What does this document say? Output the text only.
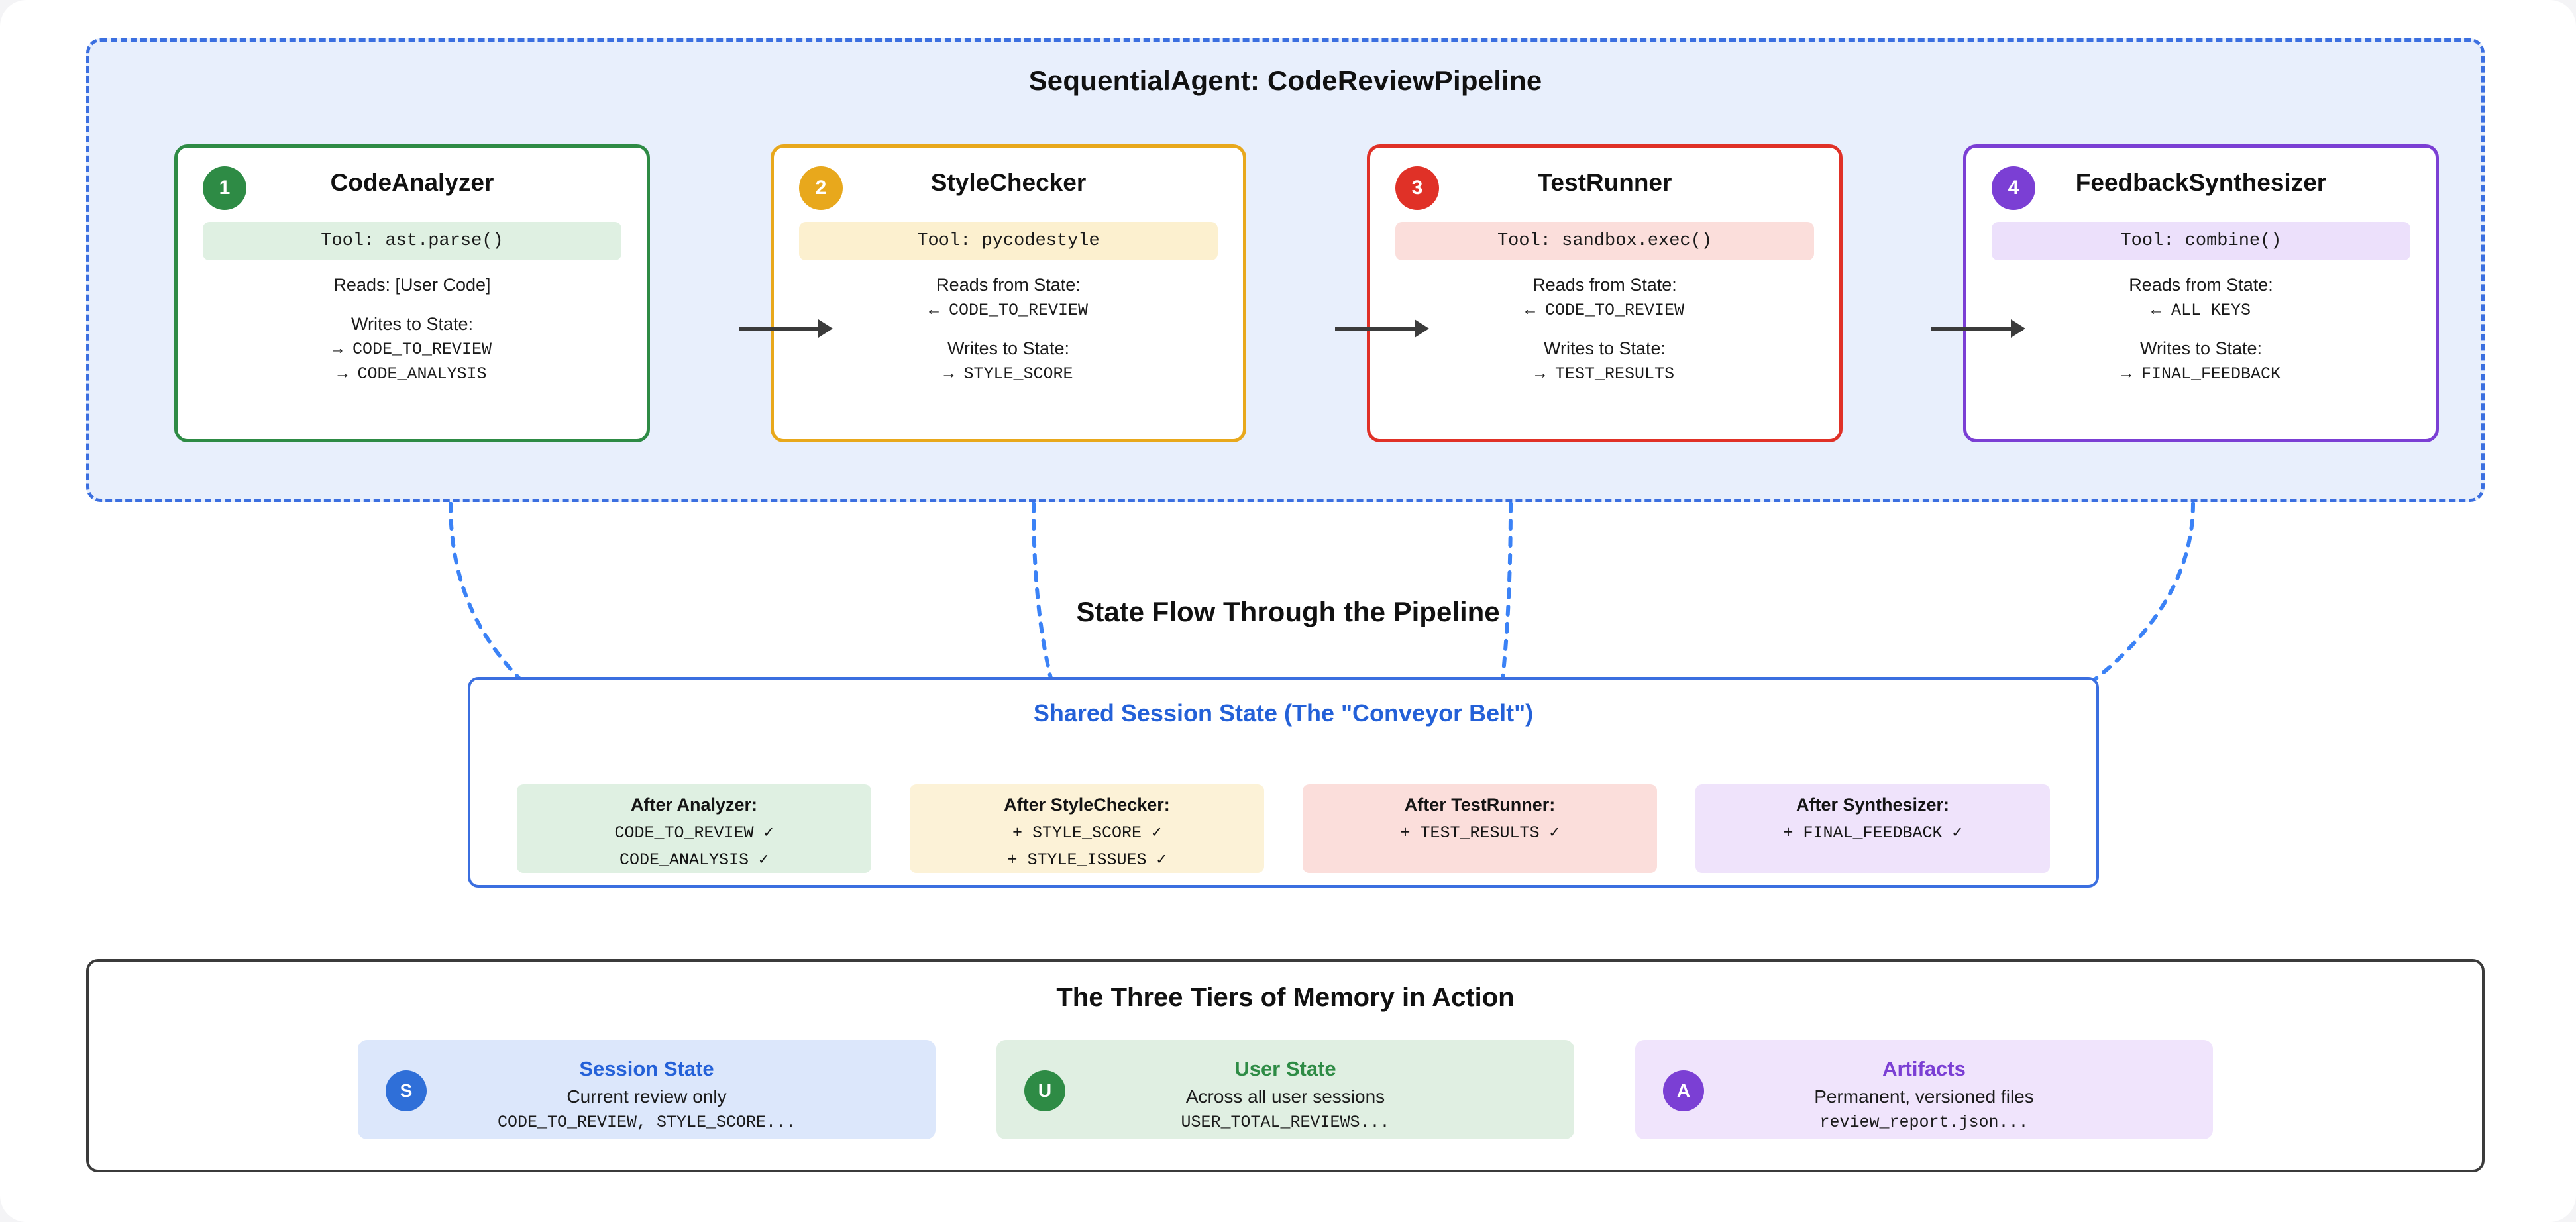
SequentialAgent: CodeReviewPipeline
1	CodeAnalyzer
Tool: ast.parse()
Reads: [User Code]
Writes to State:
→ CODE_TO_REVIEW
→ CODE_ANALYSIS
2	StyleChecker
Tool: pycodestyle
Reads from State:
← CODE_TO_REVIEW
Writes to State:
→ STYLE_SCORE
3	TestRunner
Tool: sandbox.exec()
Reads from State:
← CODE_TO_REVIEW
Writes to State:
→ TEST_RESULTS
4	FeedbackSynthesizer
Tool: combine()
Reads from State:
← ALL KEYS
Writes to State:
→ FINAL_FEEDBACK
State Flow Through the Pipeline
Shared Session State (The "Conveyor Belt")
After Analyzer:
CODE_TO_REVIEW ✓
CODE_ANALYSIS ✓
After StyleChecker:
+ STYLE_SCORE ✓
+ STYLE_ISSUES ✓
After TestRunner:
+ TEST_RESULTS ✓
After Synthesizer:
+ FINAL_FEEDBACK ✓
The Three Tiers of Memory in Action
S
Session State
Current review only
CODE_TO_REVIEW, STYLE_SCORE...
U
User State
Across all user sessions
USER_TOTAL_REVIEWS...
A
Artifacts
Permanent, versioned files
review_report.json...
